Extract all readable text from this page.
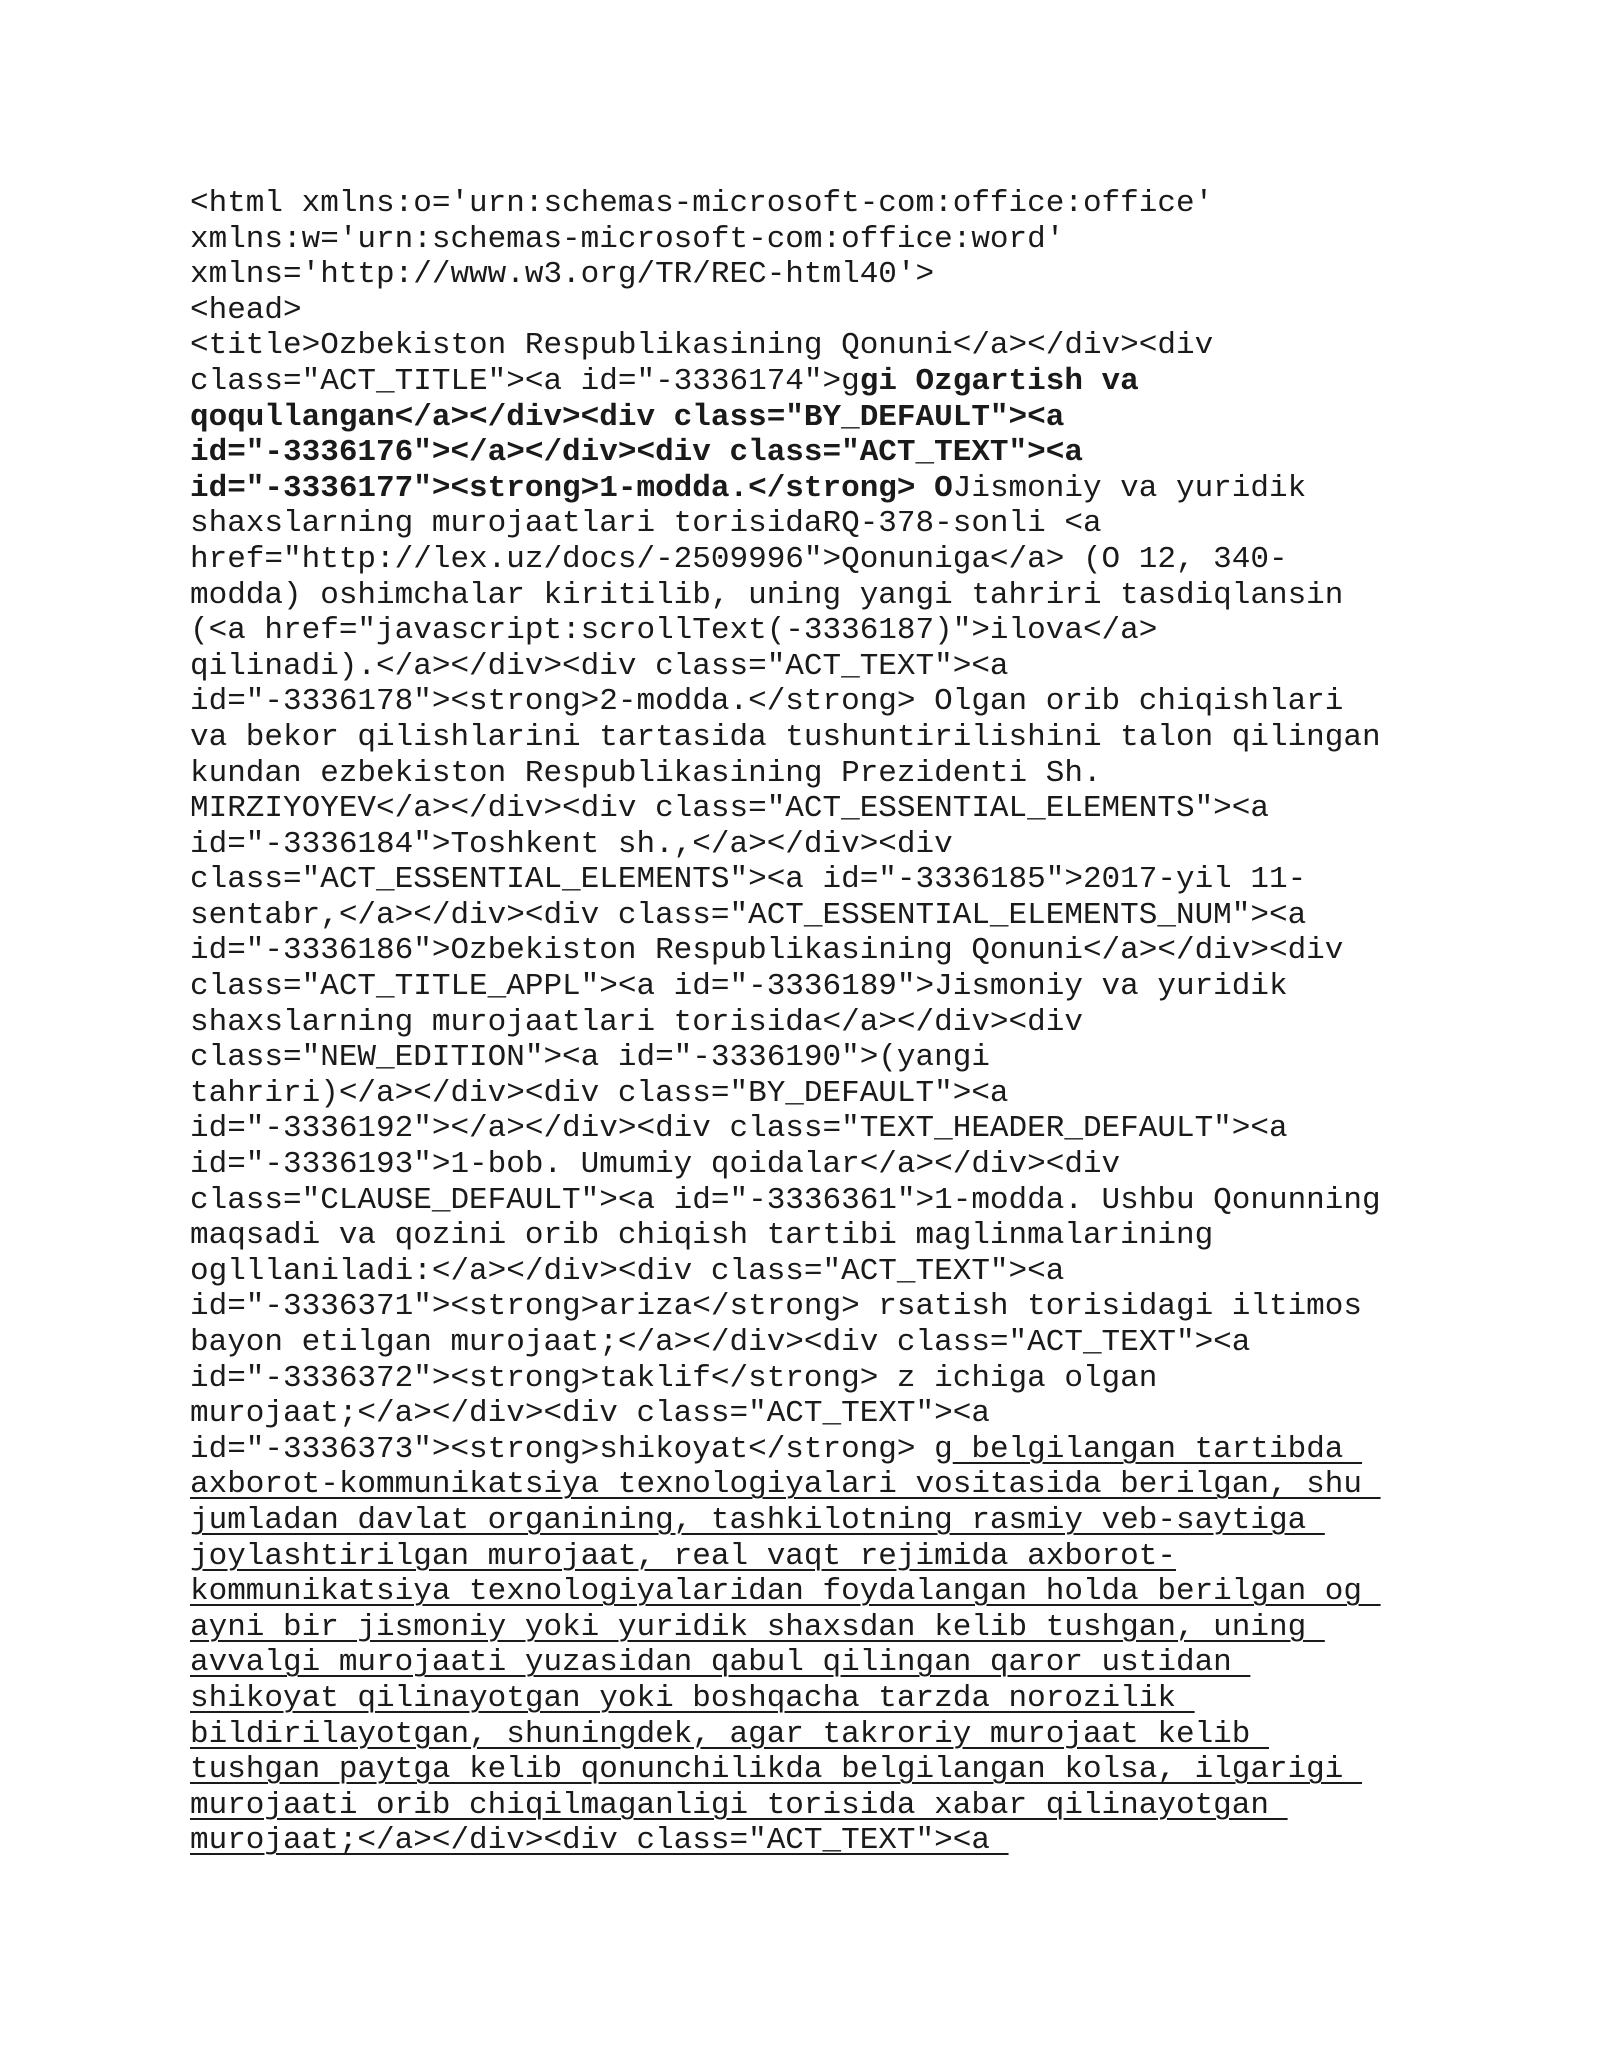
<html xmlns:o='urn:schemas-microsoft-com:office:office'
xmlns:w='urn:schemas-microsoft-com:office:word'
xmlns='http://www.w3.org/TR/REC-html40'>
<head>
<title>Ozbekiston Respublikasining Qonuni</a></div><div
class="ACT_TITLE"><a id="-3336174">ggi Ozgartish va
qoqullangan</a></div><div class="BY_DEFAULT"><a
id="-3336176"></a></div><div class="ACT_TEXT"><a
id="-3336177"><strong>1-modda.</strong> OJismoniy va yuridik
shaxslarning murojaatlari torisidaRQ-378-sonli <a
href="http://lex.uz/docs/-2509996">Qonuniga</a> (O 12, 340-
modda) oshimchalar kiritilib, uning yangi tahriri tasdiqlansin
(<a href="javascript:scrollText(-3336187)">ilova</a>
qilinadi).</a></div><div class="ACT_TEXT"><a
id="-3336178"><strong>2-modda.</strong> Olgan orib chiqishlari
va bekor qilishlarini tartasida tushuntirilishini talon qilingan
kundan ezbekiston Respublikasining Prezidenti Sh.
MIRZIYOYEV</a></div><div class="ACT_ESSENTIAL_ELEMENTS"><a
id="-3336184">Toshkent sh.,</a></div><div
class="ACT_ESSENTIAL_ELEMENTS"><a id="-3336185">2017-yil 11-
sentabr,</a></div><div class="ACT_ESSENTIAL_ELEMENTS_NUM"><a
id="-3336186">Ozbekiston Respublikasining Qonuni</a></div><div
class="ACT_TITLE_APPL"><a id="-3336189">Jismoniy va yuridik
shaxslarning murojaatlari torisida</a></div><div
class="NEW_EDITION"><a id="-3336190">(yangi
tahriri)</a></div><div class="BY_DEFAULT"><a
id="-3336192"></a></div><div class="TEXT_HEADER_DEFAULT"><a
id="-3336193">1-bob. Umumiy qoidalar</a></div><div
class="CLAUSE_DEFAULT"><a id="-3336361">1-modda. Ushbu Qonunning
maqsadi va qozini orib chiqish tartibi maglinmalarining
oglllaniladi:</a></div><div class="ACT_TEXT"><a
id="-3336371"><strong>ariza</strong> rsatish torisidagi iltimos
bayon etilgan murojaat;</a></div><div class="ACT_TEXT"><a
id="-3336372"><strong>taklif</strong> z ichiga olgan
murojaat;</a></div><div class="ACT_TEXT"><a
id="-3336373"><strong>shikoyat</strong> g belgilangan tartibda
axborot-kommunikatsiya texnologiyalari vositasida berilgan, shu
jumladan davlat organining, tashkilotning rasmiy veb-saytiga
joylashtirilgan murojaat, real vaqt rejimida axborot-
kommunikatsiya texnologiyalaridan foydalangan holda berilgan og
ayni bir jismoniy yoki yuridik shaxsdan kelib tushgan, uning
avvalgi murojaati yuzasidan qabul qilingan qaror ustidan
shikoyat qilinayotgan yoki boshqacha tarzda norozilik
bildirilayotgan, shuningdek, agar takroriy murojaat kelib
tushgan paytga kelib qonunchilikda belgilangan kolsa, ilgarigi
murojaati orib chiqilmaganligi torisida xabar qilinayotgan
murojaat;</a></div><div class="ACT_TEXT"><a
